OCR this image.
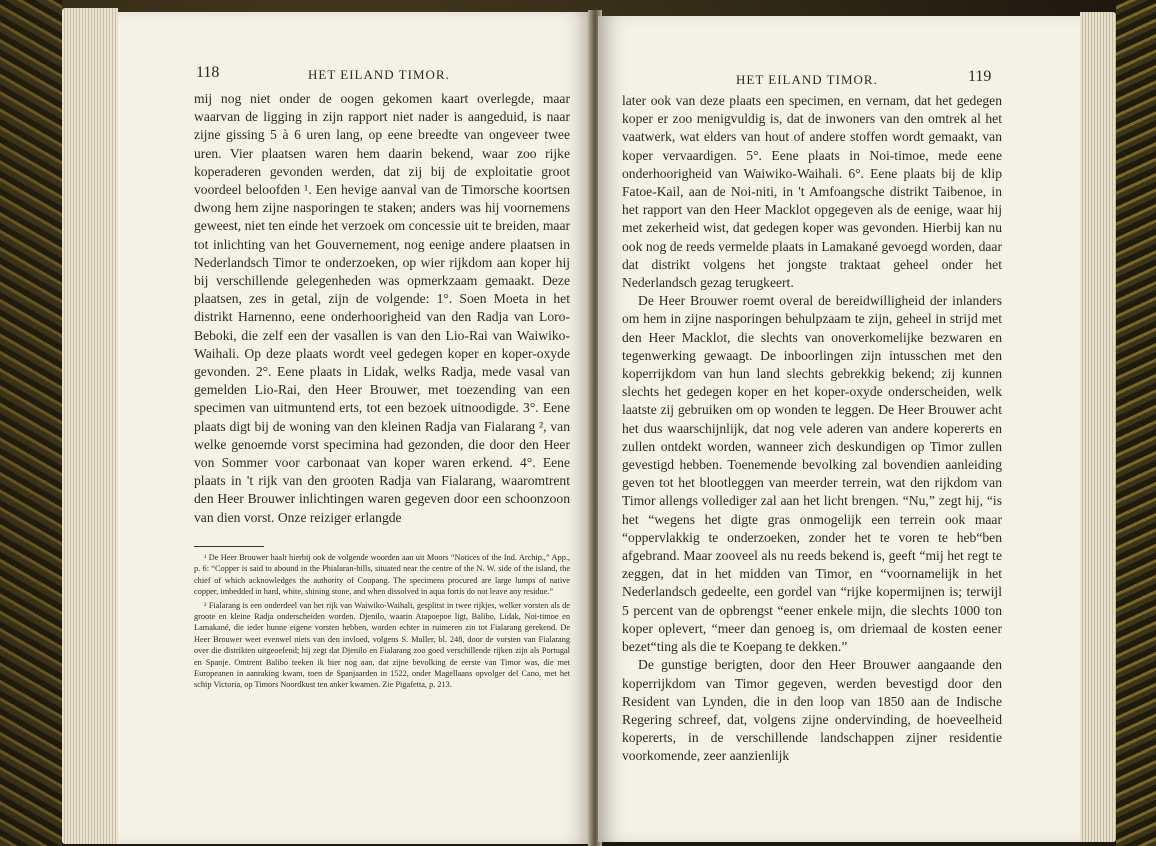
118	HET EILAND TIMOR.

mij nog niet onder de oogen gekomen kaart overlegde, maar waarvan de ligging in zijn rapport niet nader is aangeduid, is naar zijne gissing 5 à 6 uren lang, op eene breedte van ongeveer twee uren. Vier plaatsen waren hem daarin bekend, waar zoo rijke koperaderen gevonden werden, dat zij bij de exploitatie groot voordeel beloofden ¹. Een hevige aanval van de Timorsche koortsen dwong hem zijne nasporingen te staken; anders was hij voornemens geweest, niet ten einde het verzoek om concessie uit te breiden, maar tot inlichting van het Gouvernement, nog eenige andere plaatsen in Nederlandsch Timor te onderzoeken, op wier rijkdom aan koper hij bij verschillende gelegenheden was opmerkzaam gemaakt. Deze plaatsen, zes in getal, zijn de volgende: 1°. Soen Moeta in het distrikt Harnenno, eene onderhoorigheid van den Radja van Loro-Beboki, die zelf een der vasallen is van den Lio-Rai van Waiwiko-Waihali. Op deze plaats wordt veel gedegen koper en koper-oxyde gevonden. 2°. Eene plaats in Lidak, welks Radja, mede vasal van gemelden Lio-Rai, den Heer Brouwer, met toezending van een specimen van uitmuntend erts, tot een bezoek uitnoodigde. 3°. Eene plaats digt bij de woning van den kleinen Radja van Fialarang ², van welke genoemde vorst specimina had gezonden, die door den Heer von Sommer voor carbonaat van koper waren erkend. 4°. Eene plaats in 't rijk van den grooten Radja van Fialarang, waaromtrent den Heer Brouwer inlichtingen waren gegeven door een schoonzoon van dien vorst. Onze reiziger erlangde

¹ De Heer Brouwer haalt hierbij ook de volgende woorden aan uit Moors “Notices of the Ind. Archip.,” App., p. 6: “Copper is said to abound in the Phialaran-hills, situated near the centre of the N. W. side of the island, the chief of which acknowledges the authority of Coupang. The specimens procured are large lumps of native copper, imbedded in hard, white, shining stone, and when dissolved in aqua fortis do not leave any residue.”

² Fialarang is een onderdeel van het rijk van Waiwiko-Waihali, gesplitst in twee rijkjes, welker vorsten als de groote en kleine Radja onderscheiden worden. Djenilo, waarin Atapoepoe ligt, Balibo, Lidak, Noi-timoe en Lamakané, die ieder hunne eigene vorsten hebben, worden echter in ruimeren zin tot Fialarang gerekend. De Heer Brouwer weet evenwel niets van den invloed, volgens S. Muller, bl. 248, door de vorsten van Fialarang over die distrikten uitgeoefend; hij zegt dat Djenilo en Fialarang zoo goed verschillende rijken zijn als Portugal en Spanje. Omtrent Balibo teeken ik hier nog aan, dat zijne bevolking de eerste van Timor was, die met Europeanen in aanraking kwam, toen de Spanjaarden in 1522, onder Magellaans opvolger del Cano, met het schip Victoria, op Timors Noordkust ten anker kwamen. Zie Pigafetta, p. 213.

HET EILAND TIMOR.	119

later ook van deze plaats een specimen, en vernam, dat het gedegen koper er zoo menigvuldig is, dat de inwoners van den omtrek al het vaatwerk, wat elders van hout of andere stoffen wordt gemaakt, van koper vervaardigen. 5°. Eene plaats in Noi-timoe, mede eene onderhoorigheid van Waiwiko-Waihali. 6°. Eene plaats bij de klip Fatoe-Kail, aan de Noi-niti, in 't Amfoangsche distrikt Taibenoe, in het rapport van den Heer Macklot opgegeven als de eenige, waar hij met zekerheid wist, dat gedegen koper was gevonden. Hierbij kan nu ook nog de reeds vermelde plaats in Lamakané gevoegd worden, daar dat distrikt volgens het jongste traktaat geheel onder het Nederlandsch gezag terugkeert.

De Heer Brouwer roemt overal de bereidwilligheid der inlanders om hem in zijne nasporingen behulpzaam te zijn, geheel in strijd met den Heer Macklot, die slechts van onoverkomelijke bezwaren en tegenwerking gewaagt. De inboorlingen zijn intusschen met den koperrijkdom van hun land slechts gebrekkig bekend; zij kunnen slechts het gedegen koper en het koper-oxyde onderscheiden, welk laatste zij gebruiken om op wonden te leggen. De Heer Brouwer acht het dus waarschijnlijk, dat nog vele aderen van andere kopererts en zullen ontdekt worden, wanneer zich deskundigen op Timor zullen gevestigd hebben. Toenemende bevolking zal bovendien aanleiding geven tot het blootleggen van meerder terrein, wat den rijkdom van Timor allengs vollediger zal aan het licht brengen. “Nu,” zegt hij, “is het “wegens het digte gras onmogelijk een terrein ook maar “oppervlakkig te onderzoeken, zonder het te voren te heb“ben afgebrand. Maar zooveel als nu reeds bekend is, geeft “mij het regt te zeggen, dat in het midden van Timor, en “voornamelijk in het Nederlandsch gedeelte, een gordel van “rijke kopermijnen is; terwijl 5 percent van de opbrengst “eener enkele mijn, die slechts 1000 ton koper oplevert, “meer dan genoeg is, om driemaal de kosten eener bezet“ting als die te Koepang te dekken.”

De gunstige berigten, door den Heer Brouwer aangaande den koperrijkdom van Timor gegeven, werden bevestigd door den Resident van Lynden, die in den loop van 1850 aan de Indische Regering schreef, dat, volgens zijne ondervinding, de hoeveelheid kopererts, in de verschillende landschappen zijner residentie voorkomende, zeer aanzienlijk
